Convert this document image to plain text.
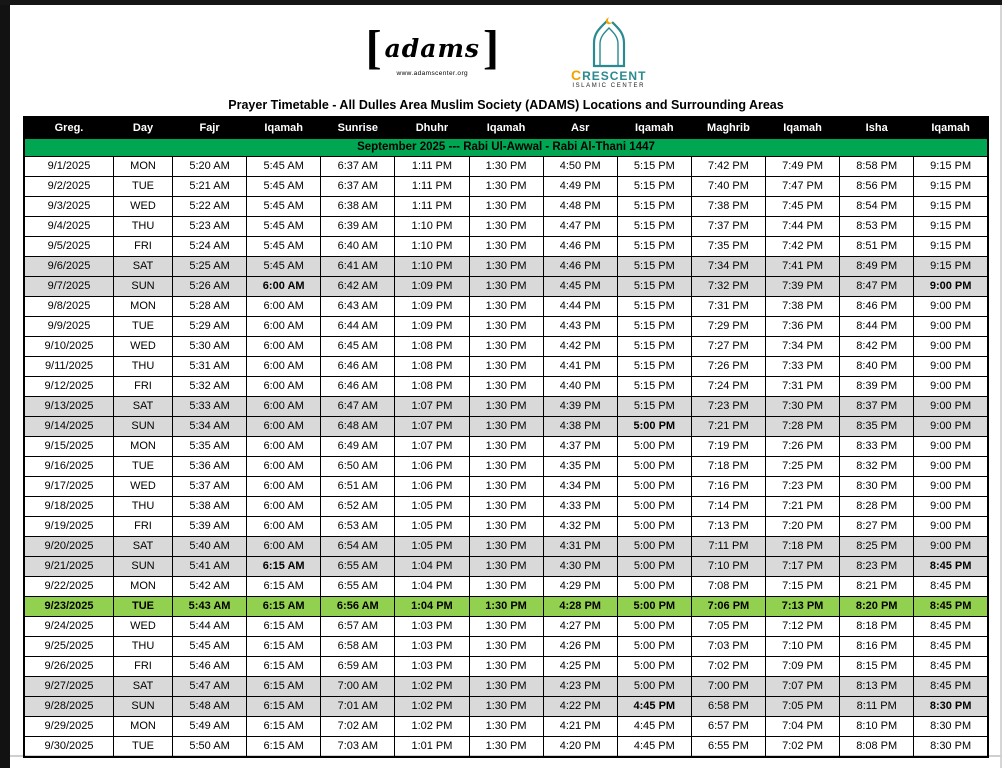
[ adams ]
www.adamscenter.org	CRESCENT
ISLAMIC CENTER
Prayer Timetable - All Dulles Area Muslim Society (ADAMS) Locations and Surrounding Areas
Greg.	Day	Fajr	Iqamah	Sunrise	Dhuhr	Iqamah	Asr	Iqamah	Maghrib	Iqamah	Isha	Iqamah
September 2025 --- Rabi Ul-Awwal - Rabi Al-Thani 1447												
9/1/2025	MON	5:20 AM	5:45 AM	6:37 AM	1:11 PM	1:30 PM	4:50 PM	5:15 PM	7:42 PM	7:49 PM	8:58 PM	9:15 PM
9/2/2025	TUE	5:21 AM	5:45 AM	6:37 AM	1:11 PM	1:30 PM	4:49 PM	5:15 PM	7:40 PM	7:47 PM	8:56 PM	9:15 PM
9/3/2025	WED	5:22 AM	5:45 AM	6:38 AM	1:11 PM	1:30 PM	4:48 PM	5:15 PM	7:38 PM	7:45 PM	8:54 PM	9:15 PM
9/4/2025	THU	5:23 AM	5:45 AM	6:39 AM	1:10 PM	1:30 PM	4:47 PM	5:15 PM	7:37 PM	7:44 PM	8:53 PM	9:15 PM
9/5/2025	FRI	5:24 AM	5:45 AM	6:40 AM	1:10 PM	1:30 PM	4:46 PM	5:15 PM	7:35 PM	7:42 PM	8:51 PM	9:15 PM
9/6/2025	SAT	5:25 AM	5:45 AM	6:41 AM	1:10 PM	1:30 PM	4:46 PM	5:15 PM	7:34 PM	7:41 PM	8:49 PM	9:15 PM
9/7/2025	SUN	5:26 AM	6:00 AM	6:42 AM	1:09 PM	1:30 PM	4:45 PM	5:15 PM	7:32 PM	7:39 PM	8:47 PM	9:00 PM
9/8/2025	MON	5:28 AM	6:00 AM	6:43 AM	1:09 PM	1:30 PM	4:44 PM	5:15 PM	7:31 PM	7:38 PM	8:46 PM	9:00 PM
9/9/2025	TUE	5:29 AM	6:00 AM	6:44 AM	1:09 PM	1:30 PM	4:43 PM	5:15 PM	7:29 PM	7:36 PM	8:44 PM	9:00 PM
9/10/2025	WED	5:30 AM	6:00 AM	6:45 AM	1:08 PM	1:30 PM	4:42 PM	5:15 PM	7:27 PM	7:34 PM	8:42 PM	9:00 PM
9/11/2025	THU	5:31 AM	6:00 AM	6:46 AM	1:08 PM	1:30 PM	4:41 PM	5:15 PM	7:26 PM	7:33 PM	8:40 PM	9:00 PM
9/12/2025	FRI	5:32 AM	6:00 AM	6:46 AM	1:08 PM	1:30 PM	4:40 PM	5:15 PM	7:24 PM	7:31 PM	8:39 PM	9:00 PM
9/13/2025	SAT	5:33 AM	6:00 AM	6:47 AM	1:07 PM	1:30 PM	4:39 PM	5:15 PM	7:23 PM	7:30 PM	8:37 PM	9:00 PM
9/14/2025	SUN	5:34 AM	6:00 AM	6:48 AM	1:07 PM	1:30 PM	4:38 PM	5:00 PM	7:21 PM	7:28 PM	8:35 PM	9:00 PM
9/15/2025	MON	5:35 AM	6:00 AM	6:49 AM	1:07 PM	1:30 PM	4:37 PM	5:00 PM	7:19 PM	7:26 PM	8:33 PM	9:00 PM
9/16/2025	TUE	5:36 AM	6:00 AM	6:50 AM	1:06 PM	1:30 PM	4:35 PM	5:00 PM	7:18 PM	7:25 PM	8:32 PM	9:00 PM
9/17/2025	WED	5:37 AM	6:00 AM	6:51 AM	1:06 PM	1:30 PM	4:34 PM	5:00 PM	7:16 PM	7:23 PM	8:30 PM	9:00 PM
9/18/2025	THU	5:38 AM	6:00 AM	6:52 AM	1:05 PM	1:30 PM	4:33 PM	5:00 PM	7:14 PM	7:21 PM	8:28 PM	9:00 PM
9/19/2025	FRI	5:39 AM	6:00 AM	6:53 AM	1:05 PM	1:30 PM	4:32 PM	5:00 PM	7:13 PM	7:20 PM	8:27 PM	9:00 PM
9/20/2025	SAT	5:40 AM	6:00 AM	6:54 AM	1:05 PM	1:30 PM	4:31 PM	5:00 PM	7:11 PM	7:18 PM	8:25 PM	9:00 PM
9/21/2025	SUN	5:41 AM	6:15 AM	6:55 AM	1:04 PM	1:30 PM	4:30 PM	5:00 PM	7:10 PM	7:17 PM	8:23 PM	8:45 PM
9/22/2025	MON	5:42 AM	6:15 AM	6:55 AM	1:04 PM	1:30 PM	4:29 PM	5:00 PM	7:08 PM	7:15 PM	8:21 PM	8:45 PM
9/23/2025	TUE	5:43 AM	6:15 AM	6:56 AM	1:04 PM	1:30 PM	4:28 PM	5:00 PM	7:06 PM	7:13 PM	8:20 PM	8:45 PM
9/24/2025	WED	5:44 AM	6:15 AM	6:57 AM	1:03 PM	1:30 PM	4:27 PM	5:00 PM	7:05 PM	7:12 PM	8:18 PM	8:45 PM
9/25/2025	THU	5:45 AM	6:15 AM	6:58 AM	1:03 PM	1:30 PM	4:26 PM	5:00 PM	7:03 PM	7:10 PM	8:16 PM	8:45 PM
9/26/2025	FRI	5:46 AM	6:15 AM	6:59 AM	1:03 PM	1:30 PM	4:25 PM	5:00 PM	7:02 PM	7:09 PM	8:15 PM	8:45 PM
9/27/2025	SAT	5:47 AM	6:15 AM	7:00 AM	1:02 PM	1:30 PM	4:23 PM	5:00 PM	7:00 PM	7:07 PM	8:13 PM	8:45 PM
9/28/2025	SUN	5:48 AM	6:15 AM	7:01 AM	1:02 PM	1:30 PM	4:22 PM	4:45 PM	6:58 PM	7:05 PM	8:11 PM	8:30 PM
9/29/2025	MON	5:49 AM	6:15 AM	7:02 AM	1:02 PM	1:30 PM	4:21 PM	4:45 PM	6:57 PM	7:04 PM	8:10 PM	8:30 PM
9/30/2025	TUE	5:50 AM	6:15 AM	7:03 AM	1:01 PM	1:30 PM	4:20 PM	4:45 PM	6:55 PM	7:02 PM	8:08 PM	8:30 PM
